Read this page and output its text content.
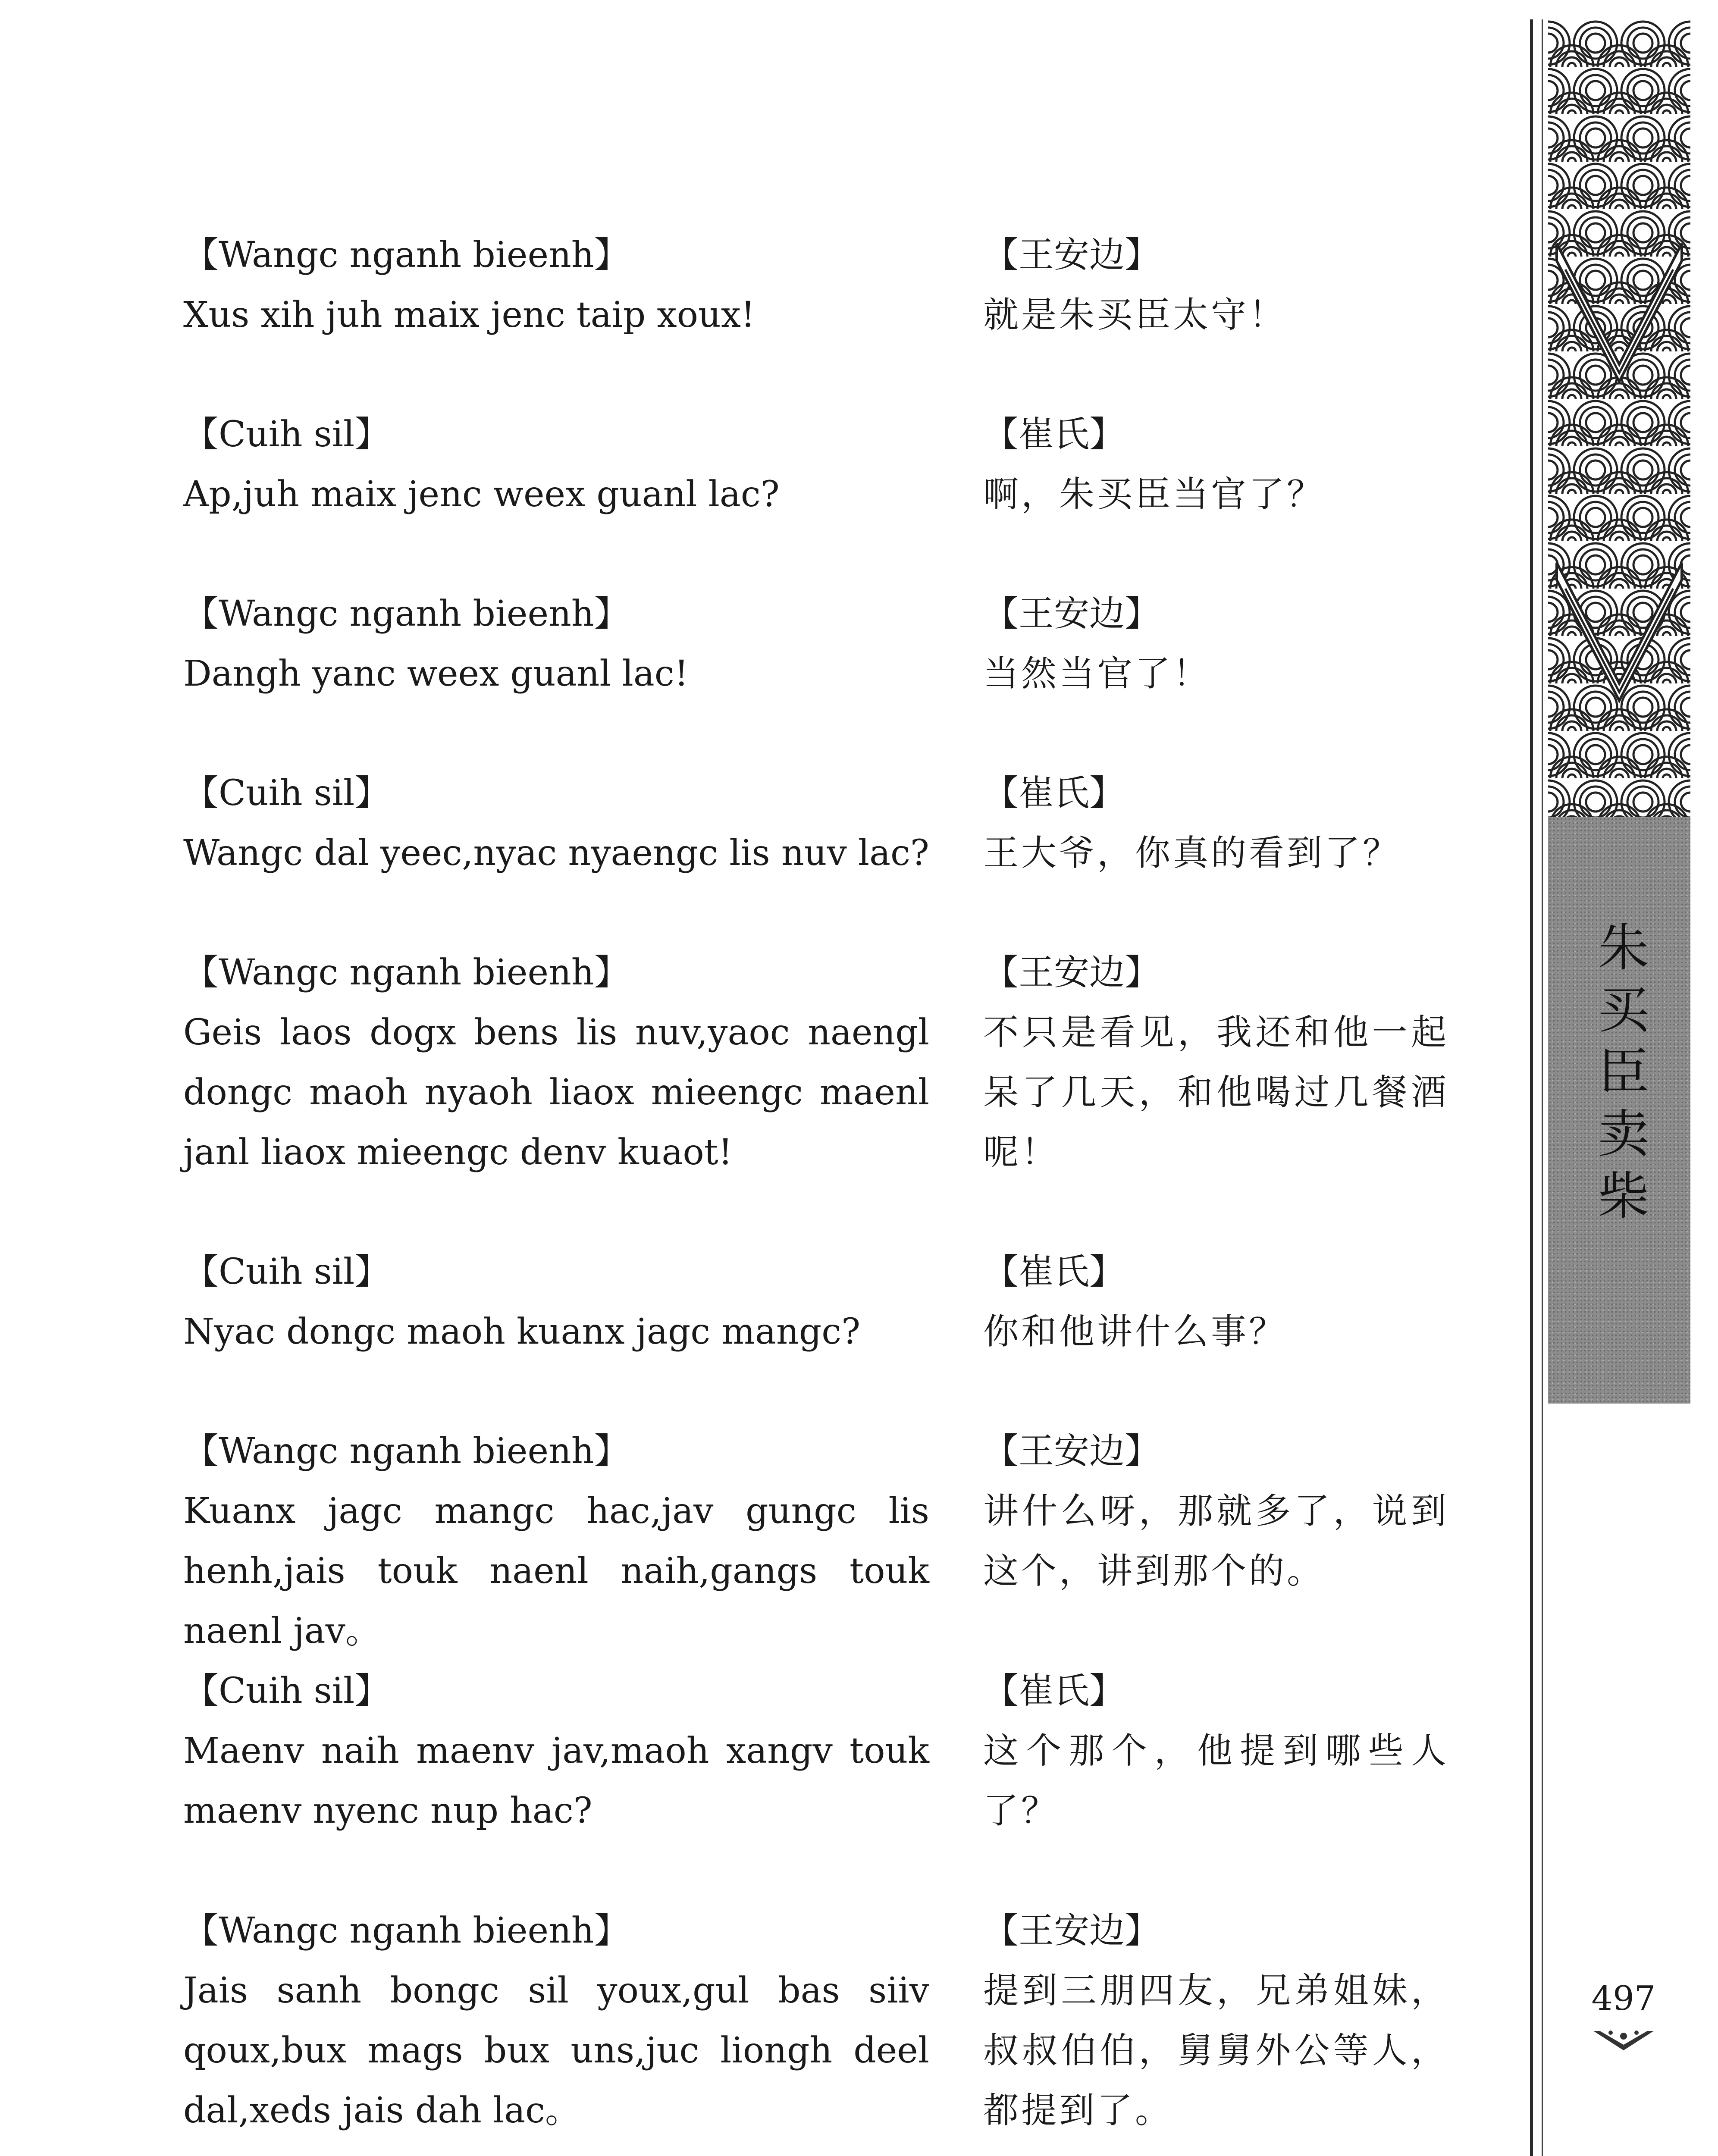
【Wangc nganh bieenh】
Xus xih juh maix jenc taip xoux!
【王安边】
就是朱买臣太守！
【Cuih sil】
Ap,juh maix jenc weex guanl lac?
【崔氏】
啊，朱买臣当官了？
【Wangc nganh bieenh】
Dangh yanc weex guanl lac!
【王安边】
当然当官了！
【Cuih sil】
Wangc dal yeec,nyac nyaengc lis nuv lac?
【崔氏】
王大爷，你真的看到了？
【Wangc nganh bieenh】
Geis laos dogx bens lis nuv,yaoc naengl dongc maoh nyaoh liaox mieengc maenl janl liaox mieengc denv kuaot!
【王安边】
不只是看见，我还和他一起呆了几天，和他喝过几餐酒呢！
【Cuih sil】
Nyac dongc maoh kuanx jagc mangc?
【崔氏】
你和他讲什么事？
【Wangc nganh bieenh】
Kuanx jagc mangc hac,jav gungc lis henh,jais touk naenl naih,gangs touk naenl jav。
【王安边】
讲什么呀，那就多了，说到这个，讲到那个的。
【Cuih sil】
Maenv naih maenv jav,maoh xangv touk maenv nyenc nup hac?
【崔氏】
这个那个，他提到哪些人了？
【Wangc nganh bieenh】
Jais sanh bongc sil youx,gul bas siiv qoux,bux mags bux uns,juc liongh deel dal,xeds jais dah lac。
【王安边】
提到三朋四友，兄弟姐妹，叔叔伯伯，舅舅外公等人，都提到了。
朱买臣卖柴
497
